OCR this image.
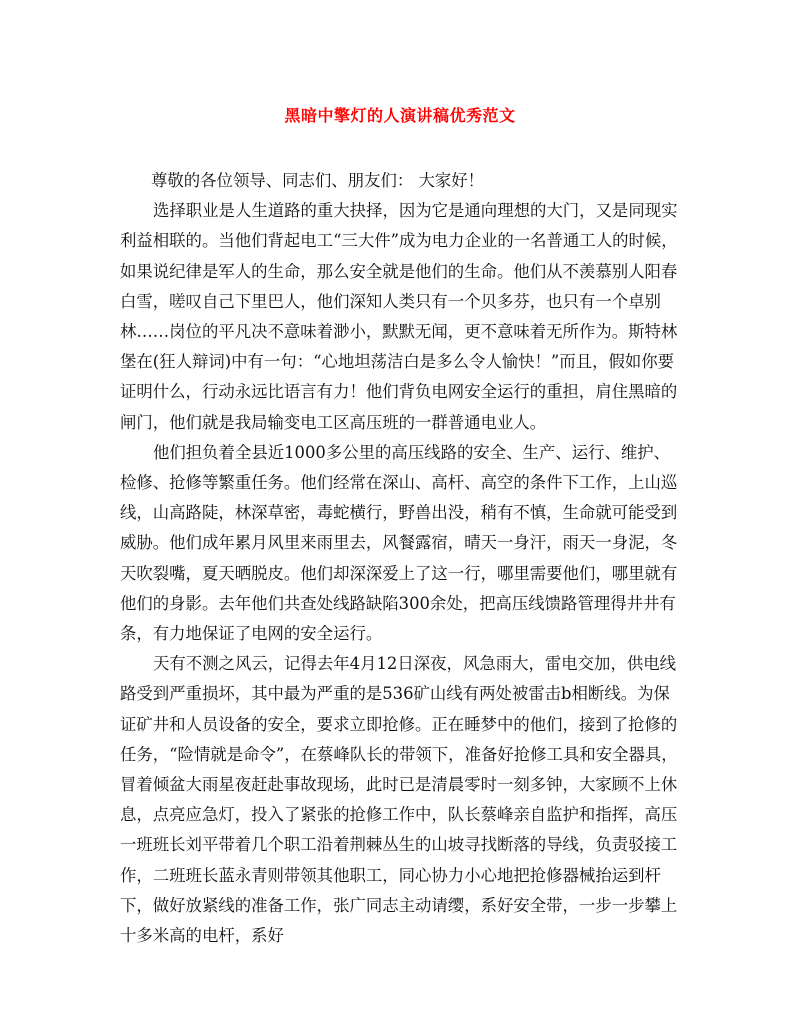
黑暗中擎灯的人演讲稿优秀范文

尊敬的各位领导、同志们、朋友们： 大家好！

选择职业是人生道路的重大抉择，因为它是通向理想的大门，又是同现实利益相联的。当他们背起电工“三大件”成为电力企业的一名普通工人的时候，如果说纪律是军人的生命，那么安全就是他们的生命。他们从不羡慕别人阳春白雪，嗟叹自己下里巴人，他们深知人类只有一个贝多芬，也只有一个卓别林……岗位的平凡决不意味着渺小，默默无闻，更不意味着无所作为。斯特林堡在(狂人辩词)中有一句：“心地坦荡洁白是多么令人愉快！”而且，假如你要证明什么，行动永远比语言有力！他们背负电网安全运行的重担，肩住黑暗的闸门，他们就是我局输变电工区高压班的一群普通电业人。

他们担负着全县近1000多公里的高压线路的安全、生产、运行、维护、检修、抢修等繁重任务。他们经常在深山、高杆、高空的条件下工作，上山巡线，山高路陡，林深草密，毒蛇横行，野兽出没，稍有不慎，生命就可能受到威胁。他们成年累月风里来雨里去，风餐露宿，晴天一身汗，雨天一身泥，冬天吹裂嘴，夏天晒脱皮。他们却深深爱上了这一行，哪里需要他们，哪里就有他们的身影。去年他们共查处线路缺陷300余处，把高压线馈路管理得井井有条，有力地保证了电网的安全运行。

天有不测之风云，记得去年4月12日深夜，风急雨大，雷电交加，供电线路受到严重损坏，其中最为严重的是536矿山线有两处被雷击b相断线。为保证矿井和人员设备的安全，要求立即抢修。正在睡梦中的他们，接到了抢修的任务，“险情就是命令”，在蔡峰队长的带领下，准备好抢修工具和安全器具，冒着倾盆大雨星夜赶赴事故现场，此时已是清晨零时一刻多钟，大家顾不上休息，点亮应急灯，投入了紧张的抢修工作中，队长蔡峰亲自监护和指挥，高压一班班长刘平带着几个职工沿着荆棘丛生的山坡寻找断落的导线，负责驳接工作，二班班长蓝永青则带领其他职工，同心协力小心地把抢修器械抬运到杆下，做好放紧线的准备工作，张广同志主动请缨，系好安全带，一步一步攀上十多米高的电杆，系好
